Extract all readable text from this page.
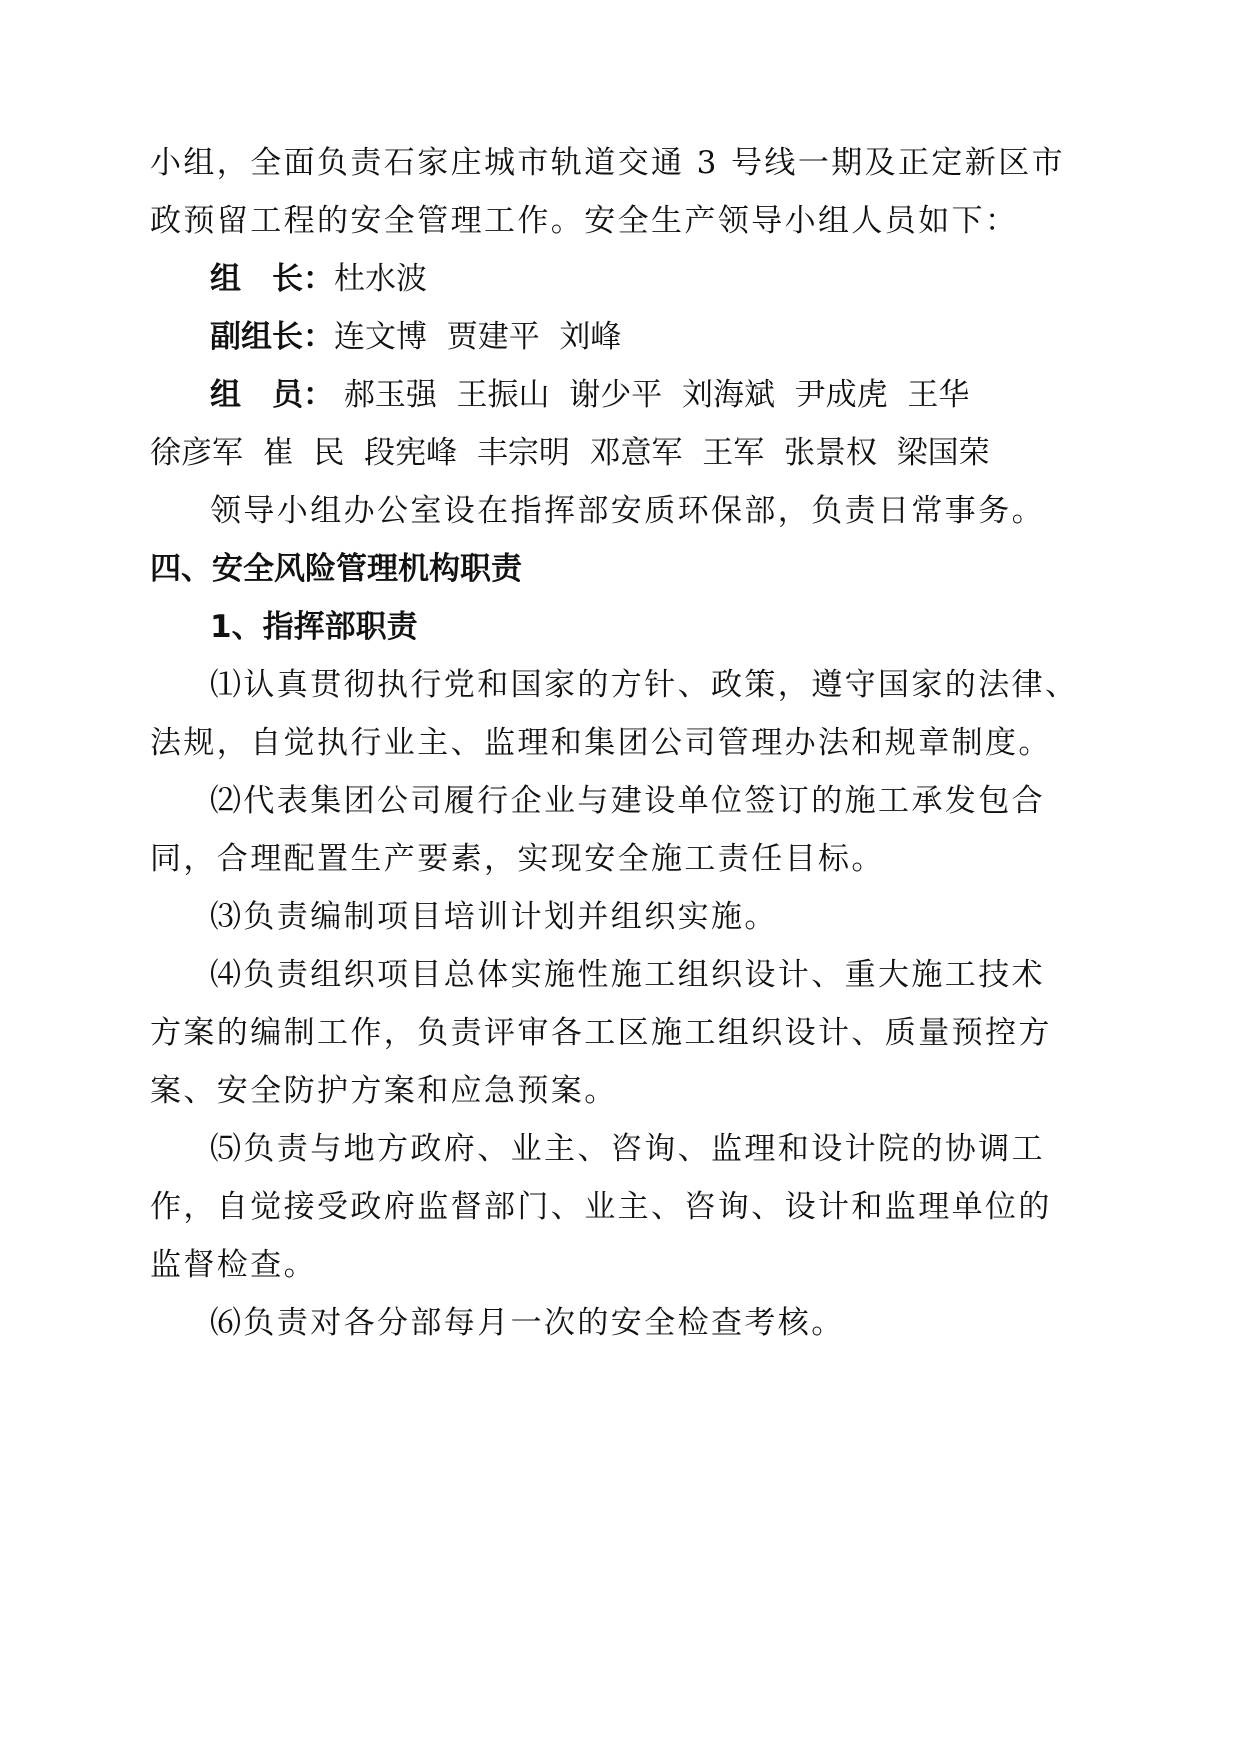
小组，全面负责石家庄城市轨道交通 3 号线一期及正定新区市
政预留工程的安全管理工作。安全生产领导小组人员如下：
组　长：杜水波
副组长：连文博  贾建平  刘峰
组　员： 郝玉强  王振山  谢少平  刘海斌  尹成虎  王华
徐彦军  崔  民  段宪峰  丰宗明  邓意军  王军  张景权  梁国荣
领导小组办公室设在指挥部安质环保部，负责日常事务。
四、安全风险管理机构职责
1、指挥部职责
⑴认真贯彻执行党和国家的方针、政策，遵守国家的法律、
法规，自觉执行业主、监理和集团公司管理办法和规章制度。
⑵代表集团公司履行企业与建设单位签订的施工承发包合
同，合理配置生产要素，实现安全施工责任目标。
⑶负责编制项目培训计划并组织实施。
⑷负责组织项目总体实施性施工组织设计、重大施工技术
方案的编制工作，负责评审各工区施工组织设计、质量预控方
案、安全防护方案和应急预案。
⑸负责与地方政府、业主、咨询、监理和设计院的协调工
作，自觉接受政府监督部门、业主、咨询、设计和监理单位的
监督检查。
⑹负责对各分部每月一次的安全检查考核。
